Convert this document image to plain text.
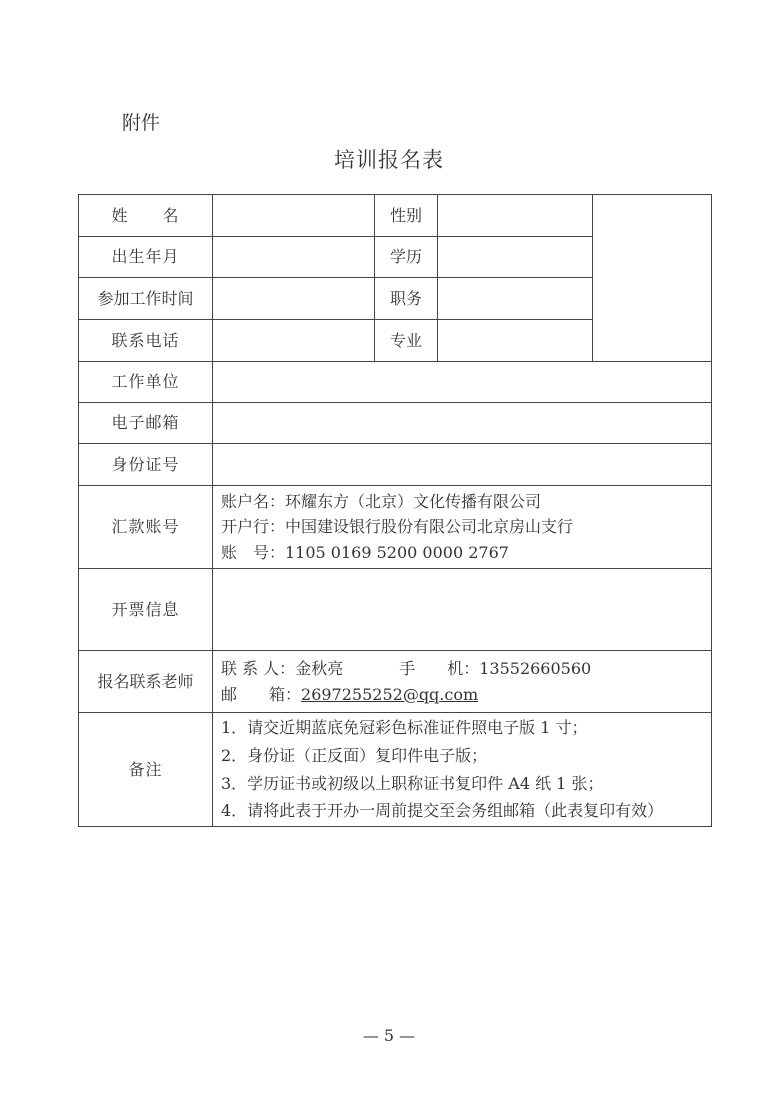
附件
培训报名表
姓　　名		性别		
出生年月		学历		
参加工作时间		职务		
联系电话		专业		
工作单位				
电子邮箱				
身份证号				
汇款账号	账户名：环耀东方（北京）文化传播有限公司
开户行：中国建设银行股份有限公司北京房山支行
账　号：1105 0169 5200 0000 2767			

开票信息				
报名联系老师	联 系 人：金秋亮 手　　机：13552660560
邮　　箱：2697255252@qq.com			

备注	1．请交近期蓝底免冠彩色标准证件照电子版 1 寸；
2．身份证（正反面）复印件电子版；
3．学历证书或初级以上职称证书复印件 A4 纸 1 张；
4．请将此表于开办一周前提交至会务组邮箱（此表复印有效）			
— 5 —
